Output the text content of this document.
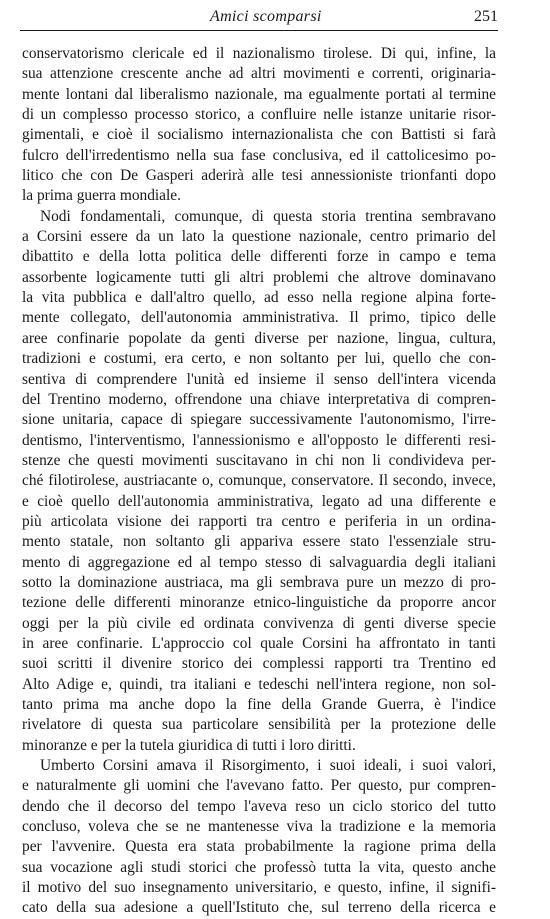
Amici scomparsi	251
conservatorismo clericale ed il nazionalismo tirolese. Di qui, infine, la
sua attenzione crescente anche ad altri movimenti e correnti, originaria-
mente lontani dal liberalismo nazionale, ma egualmente portati al termine
di un complesso processo storico, a confluire nelle istanze unitarie risor-
gimentali, e cioè il socialismo internazionalista che con Battisti si farà
fulcro dell'irredentismo nella sua fase conclusiva, ed il cattolicesimo po-
litico che con De Gasperi aderirà alle tesi annessioniste trionfanti dopo
la prima guerra mondiale.
Nodi fondamentali, comunque, di questa storia trentina sembravano
a Corsini essere da un lato la questione nazionale, centro primario del
dibattito e della lotta politica delle differenti forze in campo e tema
assorbente logicamente tutti gli altri problemi che altrove dominavano
la vita pubblica e dall'altro quello, ad esso nella regione alpina forte-
mente collegato, dell'autonomia amministrativa. Il primo, tipico delle
aree confinarie popolate da genti diverse per nazione, lingua, cultura,
tradizioni e costumi, era certo, e non soltanto per lui, quello che con-
sentiva di comprendere l'unità ed insieme il senso dell'intera vicenda
del Trentino moderno, offrendone una chiave interpretativa di compren-
sione unitaria, capace di spiegare successivamente l'autonomismo, l'irre-
dentismo, l'interventismo, l'annessionismo e all'opposto le differenti resi-
stenze che questi movimenti suscitavano in chi non li condivideva per-
ché filotirolese, austriacante o, comunque, conservatore. Il secondo, invece,
e cioè quello dell'autonomia amministrativa, legato ad una differente e
più articolata visione dei rapporti tra centro e periferia in un ordina-
mento statale, non soltanto gli appariva essere stato l'essenziale stru-
mento di aggregazione ed al tempo stesso di salvaguardia degli italiani
sotto la dominazione austriaca, ma gli sembrava pure un mezzo di pro-
tezione delle differenti minoranze etnico-linguistiche da proporre ancor
oggi per la più civile ed ordinata convivenza di genti diverse specie
in aree confinarie. L'approccio col quale Corsini ha affrontato in tanti
suoi scritti il divenire storico dei complessi rapporti tra Trentino ed
Alto Adige e, quindi, tra italiani e tedeschi nell'intera regione, non sol-
tanto prima ma anche dopo la fine della Grande Guerra, è l'indice
rivelatore di questa sua particolare sensibilità per la protezione delle
minoranze e per la tutela giuridica di tutti i loro diritti.
Umberto Corsini amava il Risorgimento, i suoi ideali, i suoi valori,
e naturalmente gli uomini che l'avevano fatto. Per questo, pur compren-
dendo che il decorso del tempo l'aveva reso un ciclo storico del tutto
concluso, voleva che se ne mantenesse viva la tradizione e la memoria
per l'avvenire. Questa era stata probabilmente la ragione prima della
sua vocazione agli studi storici che professò tutta la vita, questo anche
il motivo del suo insegnamento universitario, e questo, infine, il signifi-
cato della sua adesione a quell'Istituto che, sul terreno della ricerca e
